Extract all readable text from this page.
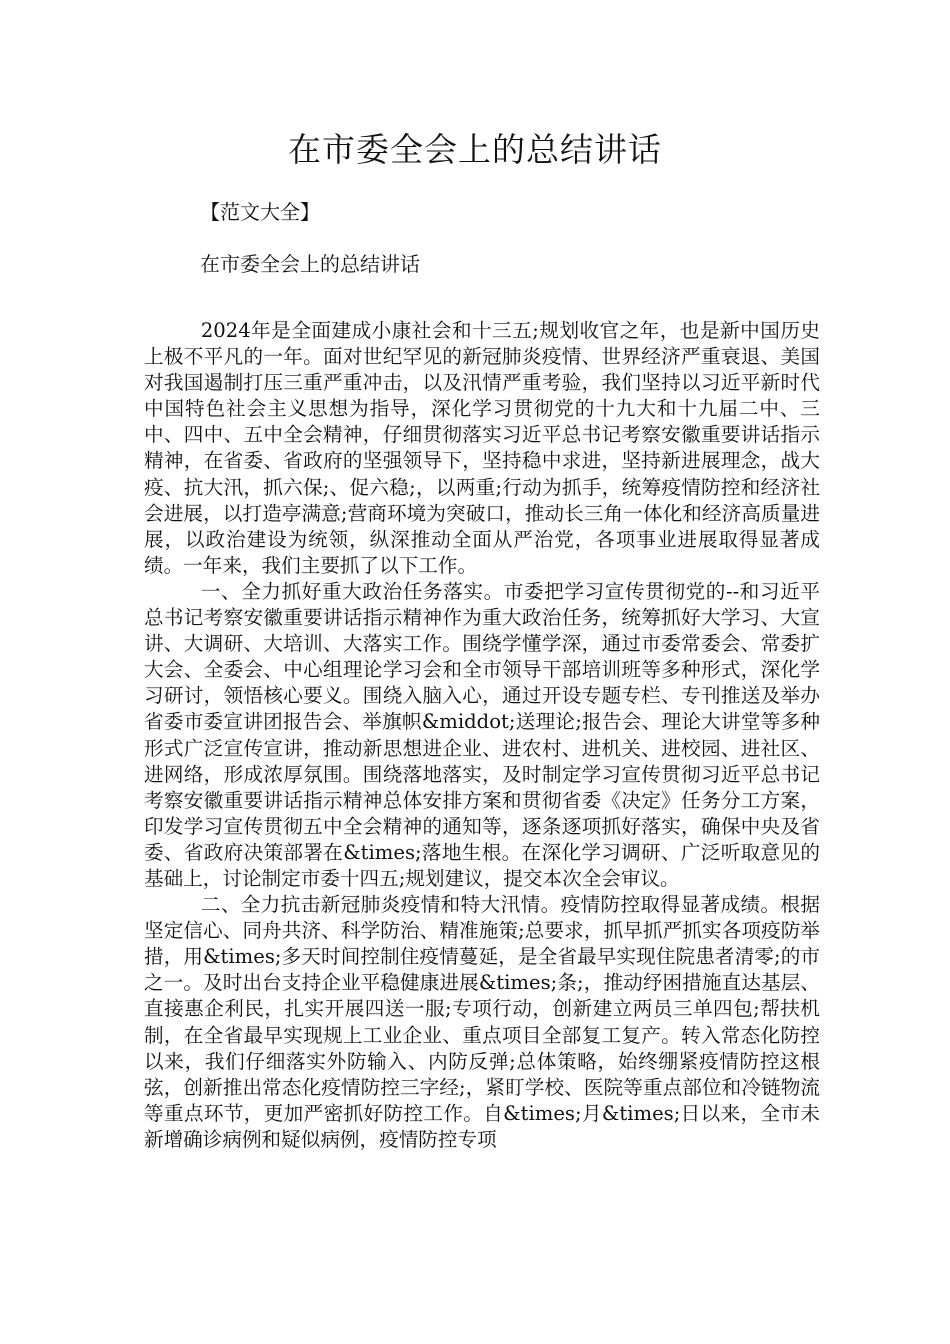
在市委全会上的总结讲话

【范文大全】

在市委全会上的总结讲话

2024年是全面建成小康社会和十三五;规划收官之年，也是新中国历史上极不平凡的一年。面对世纪罕见的新冠肺炎疫情、世界经济严重衰退、美国对我国遏制打压三重严重冲击，以及汛情严重考验，我们坚持以习近平新时代中国特色社会主义思想为指导，深化学习贯彻党的十九大和十九届二中、三中、四中、五中全会精神，仔细贯彻落实习近平总书记考察安徽重要讲话指示精神，在省委、省政府的坚强领导下，坚持稳中求进，坚持新进展理念，战大疫、抗大汛，抓六保;、促六稳;，以两重;行动为抓手，统筹疫情防控和经济社会进展，以打造亭满意;营商环境为突破口，推动长三角一体化和经济高质量进展，以政治建设为统领，纵深推动全面从严治党，各项事业进展取得显著成绩。一年来，我们主要抓了以下工作。

一、全力抓好重大政治任务落实。市委把学习宣传贯彻党的--和习近平总书记考察安徽重要讲话指示精神作为重大政治任务，统筹抓好大学习、大宣讲、大调研、大培训、大落实工作。围绕学懂学深，通过市委常委会、常委扩大会、全委会、中心组理论学习会和全市领导干部培训班等多种形式，深化学习研讨，领悟核心要义。围绕入脑入心，通过开设专题专栏、专刊推送及举办省委市委宣讲团报告会、举旗帜&middot;送理论;报告会、理论大讲堂等多种形式广泛宣传宣讲，推动新思想进企业、进农村、进机关、进校园、进社区、进网络，形成浓厚氛围。围绕落地落实，及时制定学习宣传贯彻习近平总书记考察安徽重要讲话指示精神总体安排方案和贯彻省委《决定》任务分工方案，印发学习宣传贯彻五中全会精神的通知等，逐条逐项抓好落实，确保中央及省委、省政府决策部署在&times;落地生根。在深化学习调研、广泛听取意见的基础上，讨论制定市委十四五;规划建议，提交本次全会审议。

二、全力抗击新冠肺炎疫情和特大汛情。疫情防控取得显著成绩。根据坚定信心、同舟共济、科学防治、精准施策;总要求，抓早抓严抓实各项疫防举措，用&times;多天时间控制住疫情蔓延，是全省最早实现住院患者清零;的市之一。及时出台支持企业平稳健康进展&times;条;，推动纾困措施直达基层、直接惠企利民，扎实开展四送一服;专项行动，创新建立两员三单四包;帮扶机制，在全省最早实现规上工业企业、重点项目全部复工复产。转入常态化防控以来，我们仔细落实外防输入、内防反弹;总体策略，始终绷紧疫情防控这根弦，创新推出常态化疫情防控三字经;，紧盯学校、医院等重点部位和冷链物流等重点环节，更加严密抓好防控工作。自&times;月&times;日以来，全市未新增确诊病例和疑似病例，疫情防控专项
